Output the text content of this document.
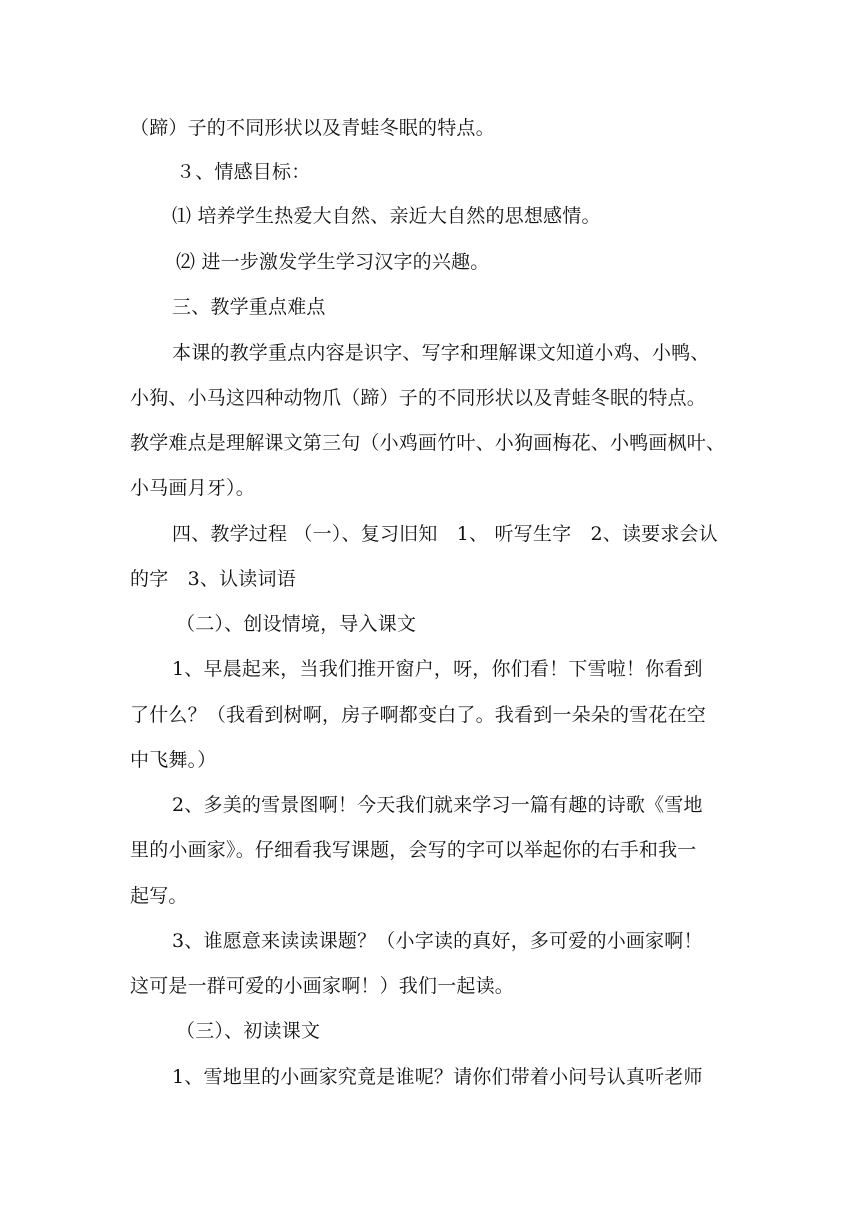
（蹄）子的不同形状以及青蛙冬眠的特点。
３、情感目标：
⑴ 培养学生热爱大自然、亲近大自然的思想感情。
⑵ 进一步激发学生学习汉字的兴趣。
三、教学重点难点
本课的教学重点内容是识字、写字和理解课文知道小鸡、小鸭、
小狗、小马这四种动物爪（蹄）子的不同形状以及青蛙冬眠的特点。
教学难点是理解课文第三句（小鸡画竹叶、小狗画梅花、小鸭画枫叶、
小马画月牙）。
四、教学过程 （一）、复习旧知　1、 听写生字　2、读要求会认
的字　3、认读词语
（二）、创设情境，导入课文
1、早晨起来，当我们推开窗户，呀，你们看！下雪啦！你看到
了什么？（我看到树啊，房子啊都变白了。我看到一朵朵的雪花在空
中飞舞。）
2、多美的雪景图啊！今天我们就来学习一篇有趣的诗歌《雪地
里的小画家》。仔细看我写课题，会写的字可以举起你的右手和我一
起写。
3、谁愿意来读读课题？（小字读的真好，多可爱的小画家啊！
这可是一群可爱的小画家啊！）我们一起读。
（三）、初读课文
1、雪地里的小画家究竟是谁呢？请你们带着小问号认真听老师
